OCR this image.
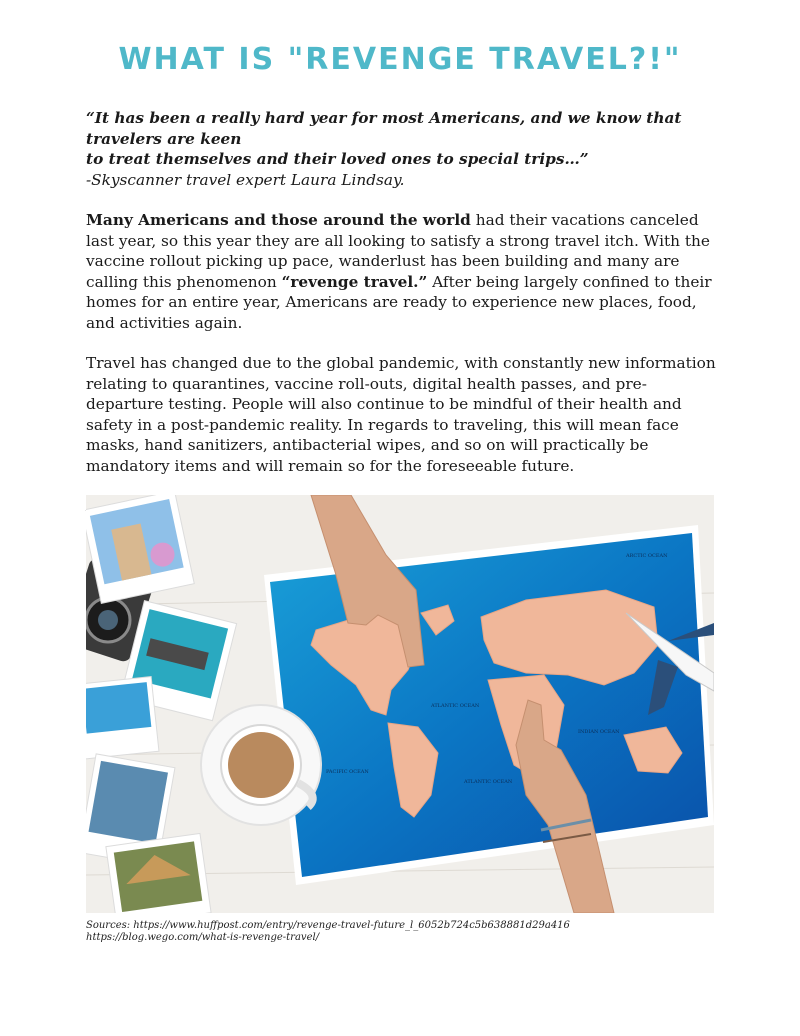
WHAT IS "REVENGE TRAVEL?!"

“It has been a really hard year for most Americans, and we know that travelers are keen

to treat themselves and their loved ones to special trips…”

-Skyscanner travel expert Laura Lindsay.

Many Americans and those around the world had their vacations canceled last year, so this year they are all looking to satisfy a strong travel itch. With the vaccine rollout picking up pace, wanderlust has been building and many are calling this phenomenon “revenge travel.” After being largely confined to their homes for an entire year, Americans are ready to experience new places, food, and activities again.

Travel has changed due to the global pandemic, with constantly new information relating to quarantines, vaccine roll-outs, digital health passes, and pre-departure testing. People will also continue to be mindful of their health and safety in a post-pandemic reality. In regards to traveling, this will mean face masks, hand sanitizers, antibacterial wipes, and so on will practically be mandatory items and will remain so for the foreseeable future.

ARCTIC OCEAN
ATLANTIC OCEAN
ATLANTIC OCEAN
PACIFIC OCEAN
INDIAN OCEAN
Sources: https://www.huffpost.com/entry/revenge-travel-future_l_6052b724c5b638881d29a416
https://blog.wego.com/what-is-revenge-travel/
